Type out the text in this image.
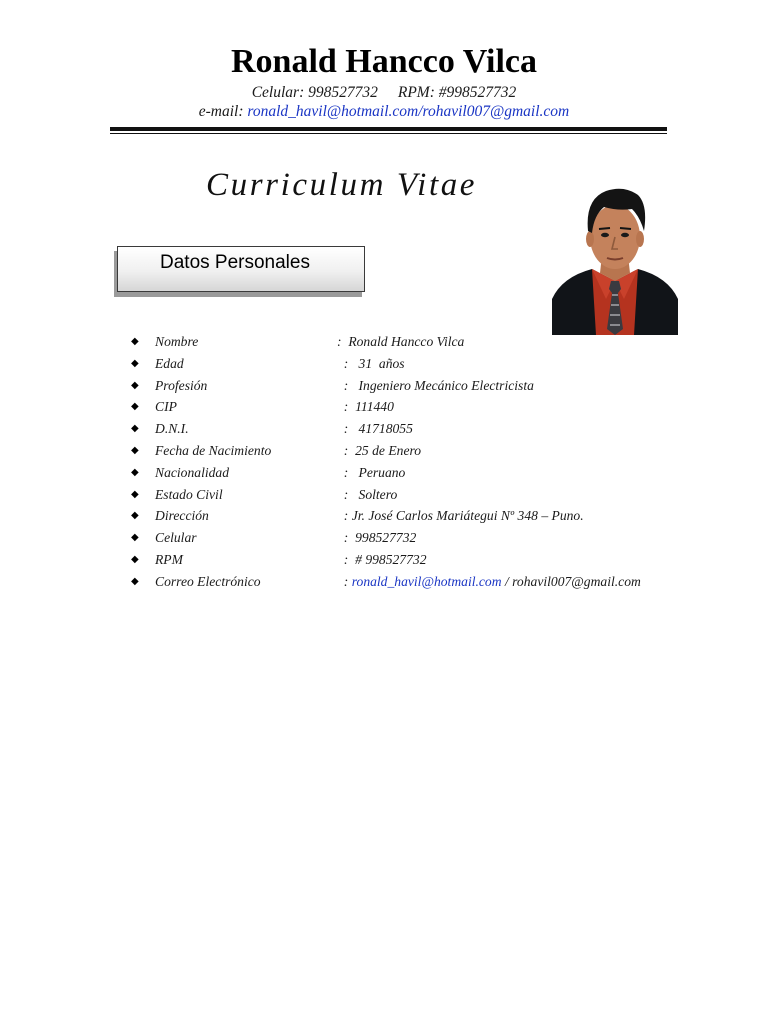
Ronald Hancco Vilca
Celular: 998527732 RPM: #998527732
e-mail: ronald_havil@hotmail.com/rohavil007@gmail.com
Curriculum Vitae
Datos Personales
◆ Nombre	:  Ronald Hancco Vilca
◆ Edad	:   31  años
◆ Profesión	:   Ingeniero Mecánico Electricista
◆ CIP	:  111440
◆ D.N.I.	:   41718055
◆ Fecha de Nacimiento	:  25 de Enero
◆ Nacionalidad	:   Peruano
◆ Estado Civil	:   Soltero
◆ Dirección	: Jr. José Carlos Mariátegui Nº 348 – Puno.
◆ Celular	:  998527732
◆ RPM	:  # 998527732
◆ Correo Electrónico	: ronald_havil@hotmail.com / rohavil007@gmail.com
